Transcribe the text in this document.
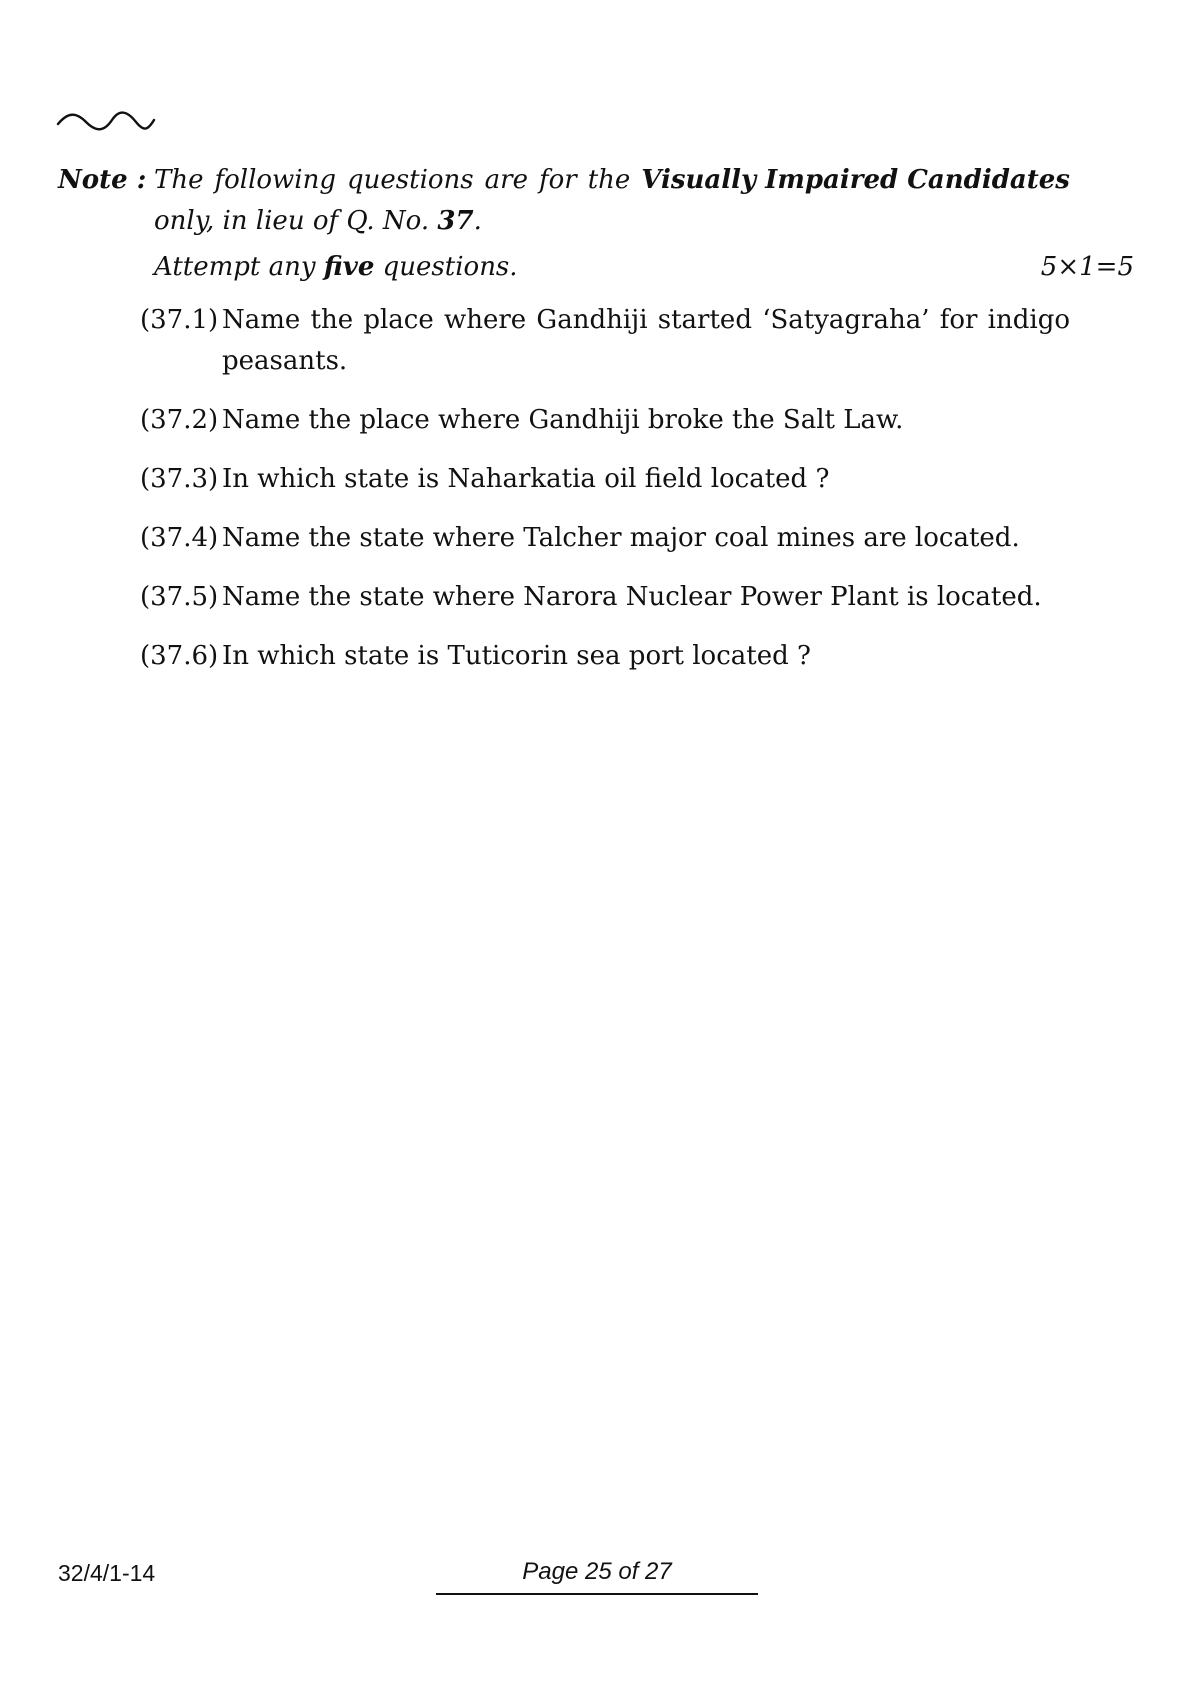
Note : The following questions are for the Visually Impaired Candidates
only, in lieu of Q. No. 37.
Attempt any five questions.	5×1=5
(37.1) Name the place where Gandhiji started ‘Satyagraha’ for indigo peasants.
(37.2) Name the place where Gandhiji broke the Salt Law.
(37.3) In which state is Naharkatia oil field located ?
(37.4) Name the state where Talcher major coal mines are located.
(37.5) Name the state where Narora Nuclear Power Plant is located.
(37.6) In which state is Tuticorin sea port located ?
32/4/1-14	Page 25 of 27
